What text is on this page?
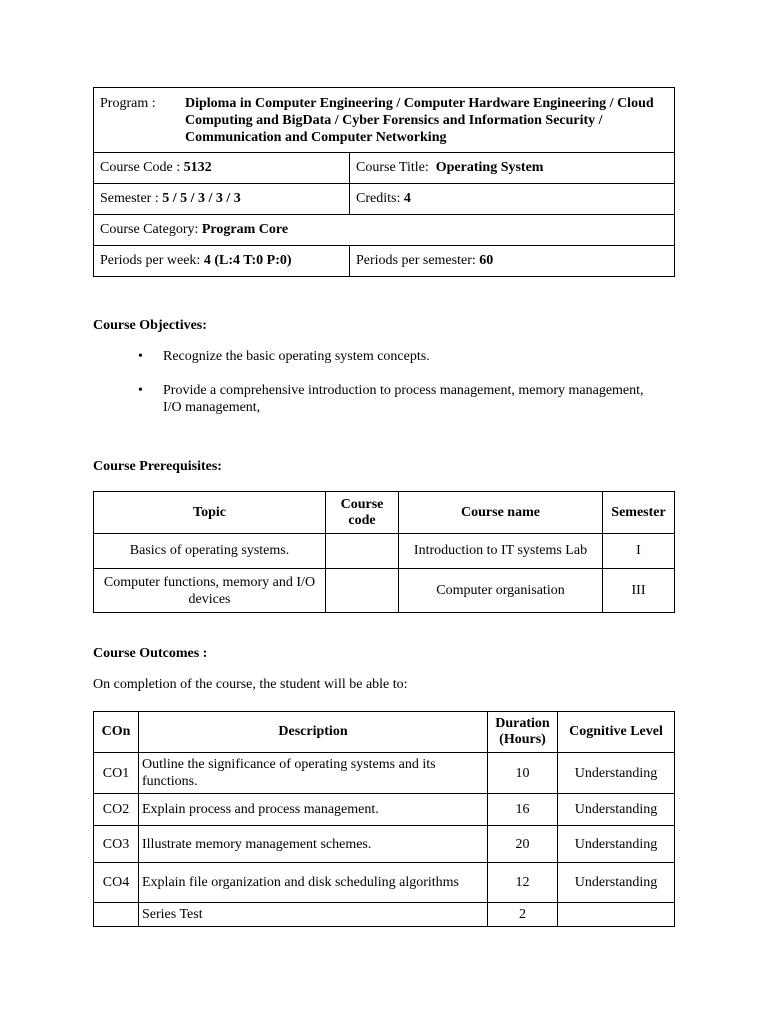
Program : Diploma in Computer Engineering / Computer Hardware Engineering / Cloud Computing and BigData / Cyber Forensics and Information Security / Communication and Computer Networking	

Course Code : 5132	Course Title: Operating System
Semester : 5 / 5 / 3 / 3 / 3	Credits: 4
Course Category: Program Core	
Periods per week: 4 (L:4 T:0 P:0)	Periods per semester: 60
Course Objectives:
• Recognize the basic operating system concepts.
• Provide a comprehensive introduction to process management, memory management, I/O management,
Course Prerequisites:
Topic	Course code	Course name	Semester
Basics of operating systems.		Introduction to IT systems Lab	I
Computer functions, memory and I/O devices		Computer organisation	III
Course Outcomes :
On completion of the course, the student will be able to:
COn	Description	Duration (Hours)	Cognitive Level
CO1	Outline the significance of operating systems and its functions.	10	Understanding
CO2	Explain process and process management.	16	Understanding
CO3	Illustrate memory management schemes.	20	Understanding
CO4	Explain file organization and disk scheduling algorithms	12	Understanding
	Series Test	2	
